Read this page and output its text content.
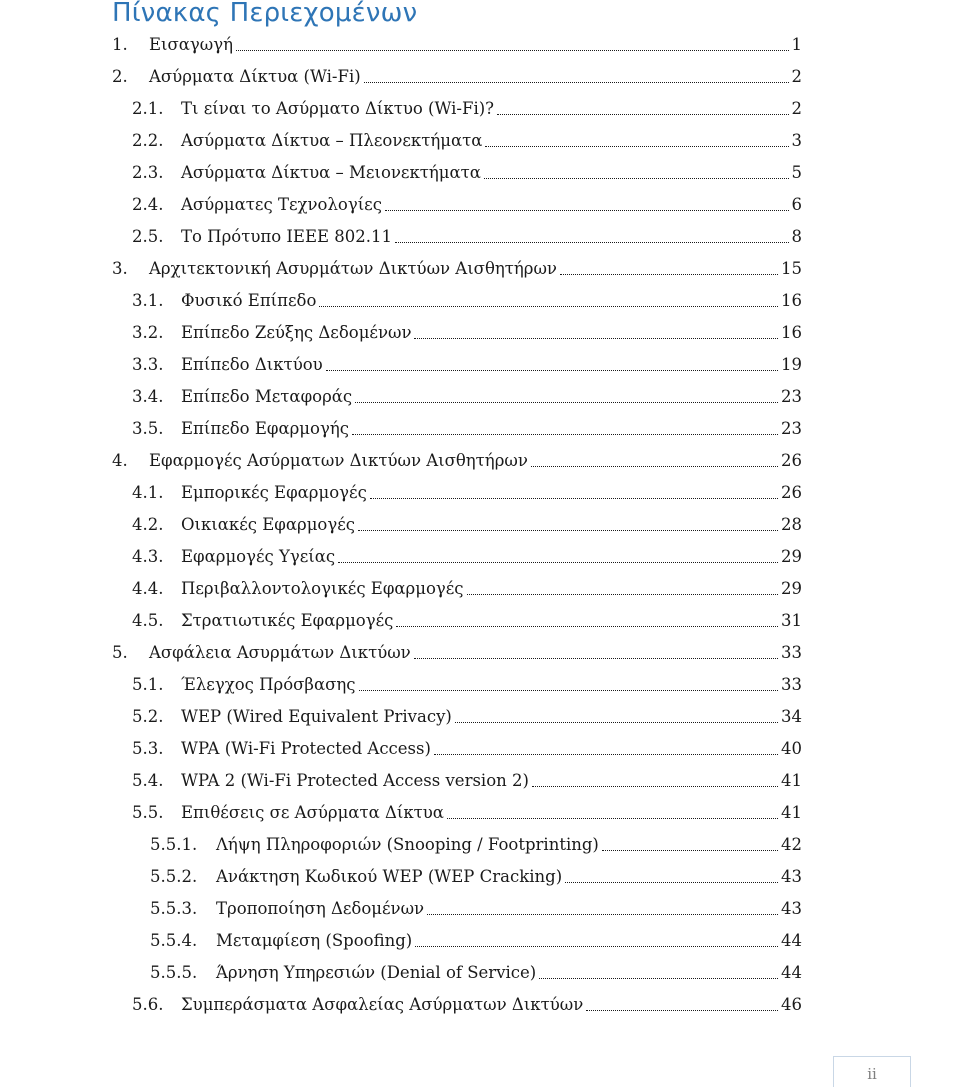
Πίνακας Περιεχομένων
1.	Εισαγωγή	1
2.	Ασύρματα Δίκτυα (Wi-Fi)	2
2.1.	Τι είναι το Ασύρματο Δίκτυο (Wi-Fi)?	2
2.2.	Ασύρματα Δίκτυα – Πλεονεκτήματα	3
2.3.	Ασύρματα Δίκτυα – Μειονεκτήματα	5
2.4.	Ασύρματες Τεχνολογίες	6
2.5.	Το Πρότυπο IEEE 802.11	8
3.	Αρχιτεκτονική Ασυρμάτων Δικτύων Αισθητήρων	15
3.1.	Φυσικό Επίπεδο	16
3.2.	Επίπεδο Ζεύξης Δεδομένων	16
3.3.	Επίπεδο Δικτύου	19
3.4.	Επίπεδο Μεταφοράς	23
3.5.	Επίπεδο Εφαρμογής	23
4.	Εφαρμογές Ασύρματων Δικτύων Αισθητήρων	26
4.1.	Εμπορικές Εφαρμογές	26
4.2.	Οικιακές Εφαρμογές	28
4.3.	Εφαρμογές Υγείας	29
4.4.	Περιβαλλοντολογικές Εφαρμογές	29
4.5.	Στρατιωτικές Εφαρμογές	31
5.	Ασφάλεια Ασυρμάτων Δικτύων	33
5.1.	Έλεγχος Πρόσβασης	33
5.2.	WEP (Wired Equivalent Privacy)	34
5.3.	WPA (Wi-Fi Protected Access)	40
5.4.	WPA 2 (Wi-Fi Protected Access version 2)	41
5.5.	Επιθέσεις σε Ασύρματα Δίκτυα	41
5.5.1.	Λήψη Πληροφοριών (Snooping / Footprinting)	42
5.5.2.	Ανάκτηση Κωδικού WEP (WEP Cracking)	43
5.5.3.	Τροποποίηση Δεδομένων	43
5.5.4.	Μεταμφίεση (Spoofing)	44
5.5.5.	Άρνηση Υπηρεσιών (Denial of Service)	44
5.6.	Συμπεράσματα Ασφαλείας Ασύρματων Δικτύων	46
ii
